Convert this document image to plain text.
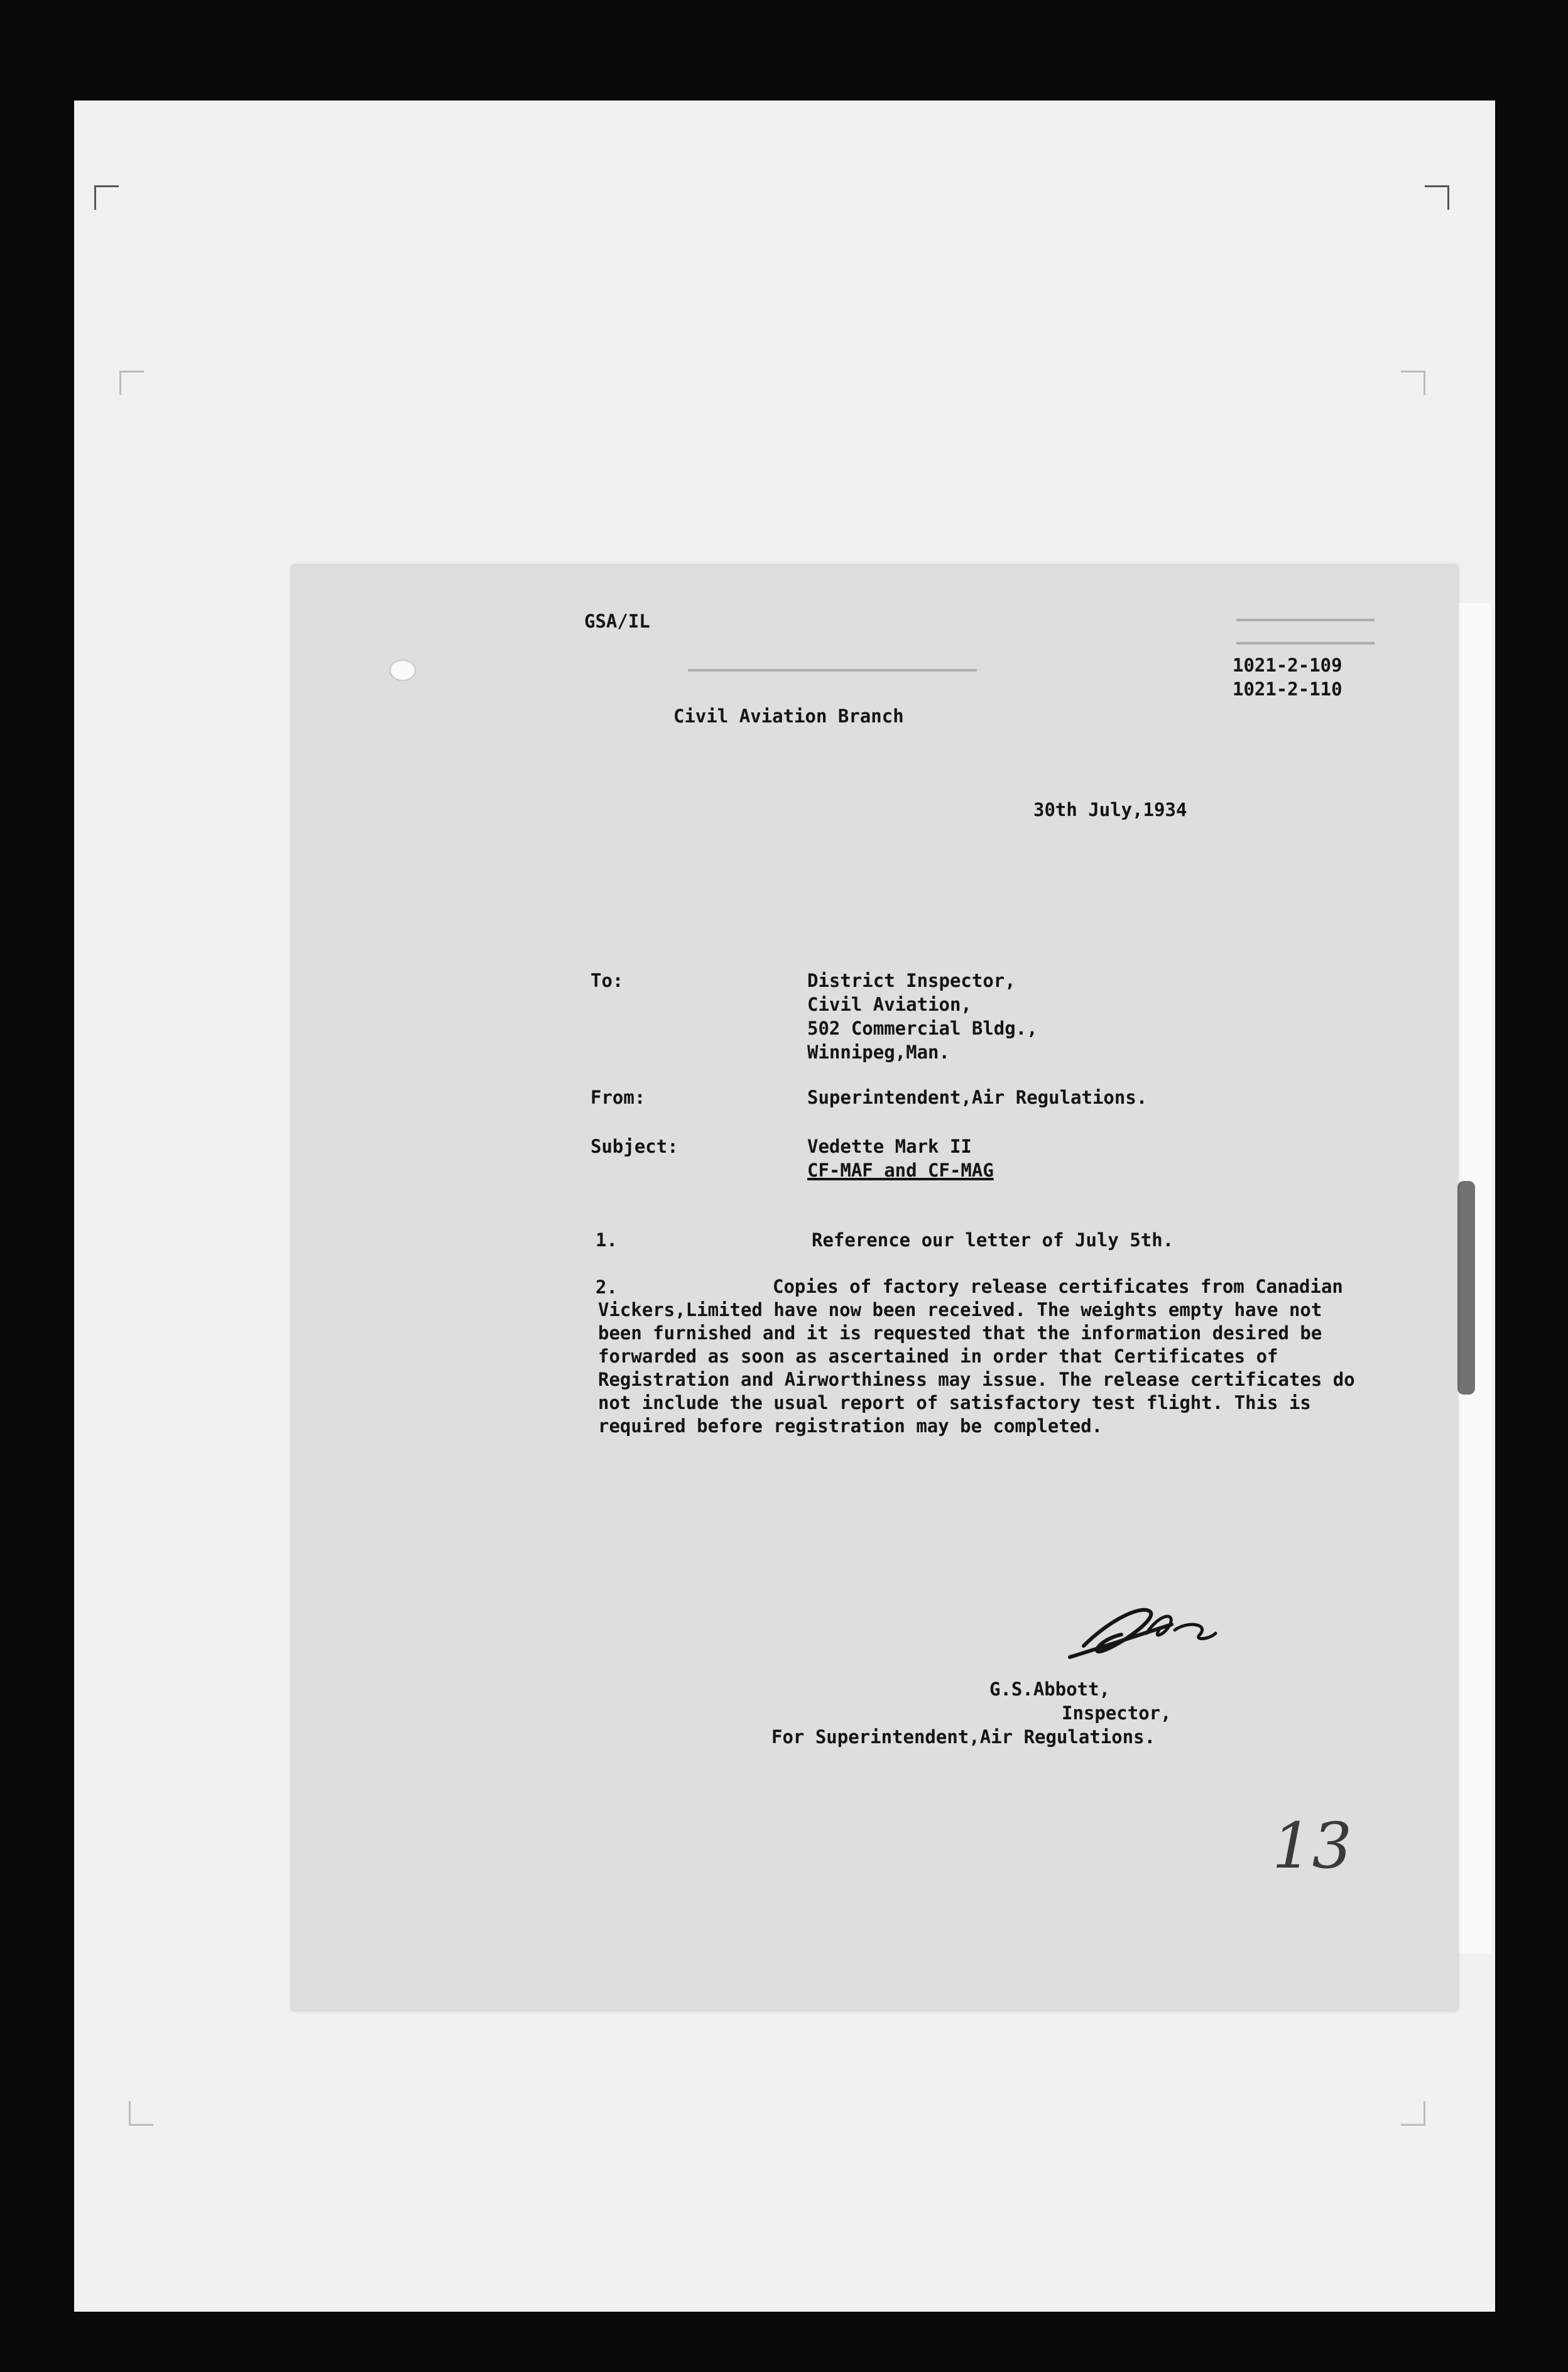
GSA/IL

1021-2-109

1021-2-110

Civil Aviation Branch

30th July,1934

To:	District Inspector,

Civil Aviation,

502 Commercial Bldg.,

Winnipeg,Man.

From:	Superintendent,Air Regulations.

Subject:	Vedette Mark II

CF-MAF and CF-MAG

1.	Reference our letter of July 5th.

2.	Copies of factory release certificates from Canadian Vickers,Limited have now been received. The weights empty have not been furnished and it is requested that the information desired be forwarded as soon as ascertained in order that Certificates of Registration and Airworthiness may issue. The release certificates do not include the usual report of satisfactory test flight. This is required before registration may be completed.

G.S.Abbott,

Inspector,

For Superintendent,Air Regulations.

13
